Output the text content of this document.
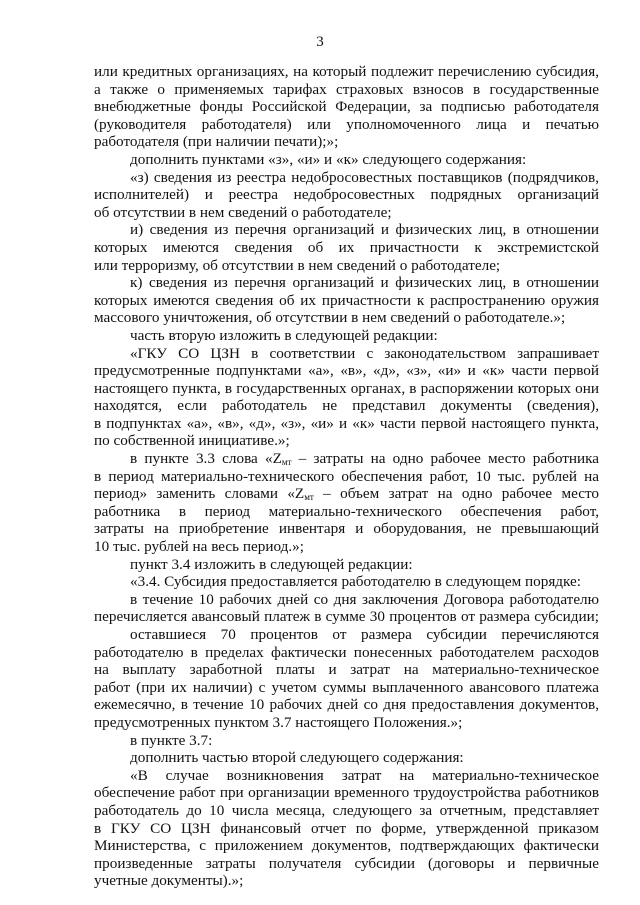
3
или кредитных организациях, на который подлежит перечислению субсидия,
а также о применяемых тарифах страховых взносов в государственные
внебюджетные фонды Российской Федерации, за подписью работодателя
(руководителя работодателя) или уполномоченного лица и печатью
работодателя (при наличии печати);»;
дополнить пунктами «з», «и» и «к» следующего содержания:
«з) сведения из реестра недобросовестных поставщиков (подрядчиков,
исполнителей) и реестра недобросовестных подрядных организаций
об отсутствии в нем сведений о работодателе;
и) сведения из перечня организаций и физических лиц, в отношении
которых имеются сведения об их причастности к экстремистской
или терроризму, об отсутствии в нем сведений о работодателе;
к) сведения из перечня организаций и физических лиц, в отношении
которых имеются сведения об их причастности к распространению оружия
массового уничтожения, об отсутствии в нем сведений о работодателе.»;
часть вторую изложить в следующей редакции:
«ГКУ СО ЦЗН в соответствии с законодательством запрашивает
предусмотренные подпунктами «а», «в», «д», «з», «и» и «к» части первой
настоящего пункта, в государственных органах, в распоряжении которых они
находятся, если работодатель не представил документы (сведения),
в подпунктах «а», «в», «д», «з», «и» и «к» части первой настоящего пункта,
по собственной инициативе.»;
в пункте 3.3 слова «$Z_{мт}$ – затраты на одно рабочее место работника
в период материально-технического обеспечения работ, 10 тыс. рублей на
период» заменить словами «$Z_{мт}$ – объем затрат на одно рабочее место
работника в период материально-технического обеспечения работ,
затраты на приобретение инвентаря и оборудования, не превышающий
10 тыс. рублей на весь период.»;
пункт 3.4 изложить в следующей редакции:
«3.4. Субсидия предоставляется работодателю в следующем порядке:
в течение 10 рабочих дней со дня заключения Договора работодателю
перечисляется авансовый платеж в сумме 30 процентов от размера субсидии;
оставшиеся 70 процентов от размера субсидии перечисляются
работодателю в пределах фактически понесенных работодателем расходов
на выплату заработной платы и затрат на материально-техническое
работ (при их наличии) с учетом суммы выплаченного авансового платежа
ежемесячно, в течение 10 рабочих дней со дня предоставления документов,
предусмотренных пунктом 3.7 настоящего Положения.»;
в пункте 3.7:
дополнить частью второй следующего содержания:
«В случае возникновения затрат на материально-техническое
обеспечение работ при организации временного трудоустройства работников
работодатель до 10 числа месяца, следующего за отчетным, представляет
в ГКУ СО ЦЗН финансовый отчет по форме, утвержденной приказом
Министерства, с приложением документов, подтверждающих фактически
произведенные затраты получателя субсидии (договоры и первичные
учетные документы).»;
